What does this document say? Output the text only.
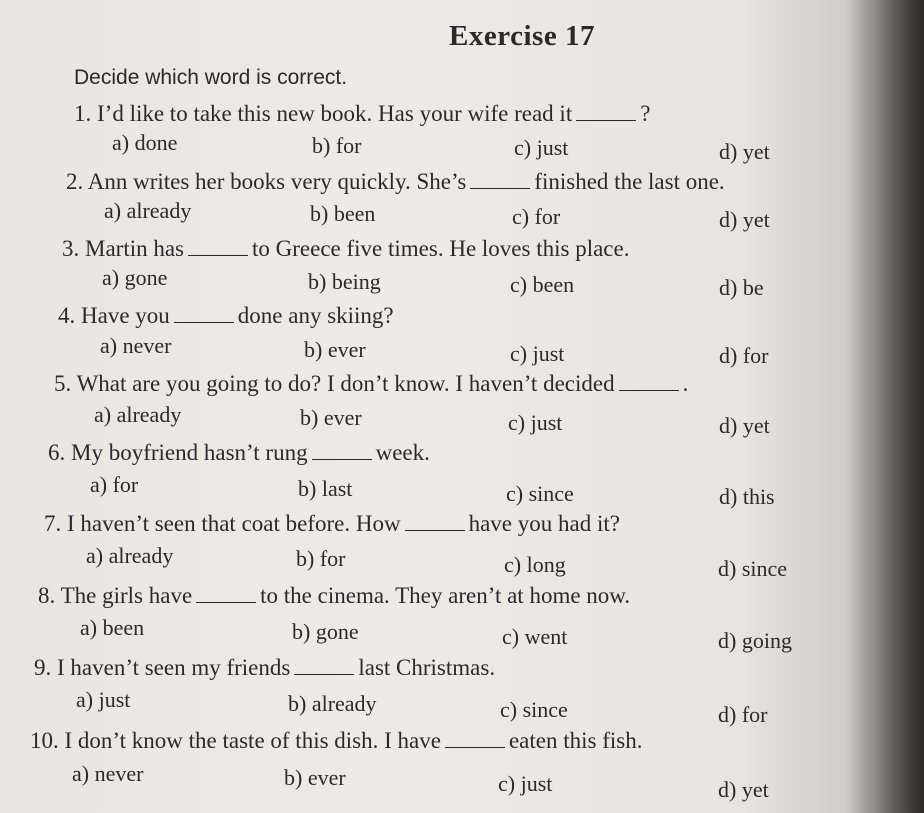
Exercise 17
Decide which word is correct.
1. I’d like to take this new book. Has your wife read it	?
a) done	b) for	c) just	d) yet
2. Ann writes her books very quickly. She’s	finished the last one.
a) already	b) been	c) for	d) yet
3. Martin has	to Greece five times. He loves this place.
a) gone	b) being	c) been	d) be
4. Have you	done any skiing?
a) never	b) ever	c) just	d) for
5. What are you going to do? I don’t know. I haven’t decided	.
a) already	b) ever	c) just	d) yet
6. My boyfriend hasn’t rung	week.
a) for	b) last	c) since	d) this
7. I haven’t seen that coat before. How	have you had it?
a) already	b) for	c) long	d) since
8. The girls have	to the cinema. They aren’t at home now.
a) been	b) gone	c) went	d) going
9. I haven’t seen my friends	last Christmas.
a) just	b) already	c) since	d) for
10. I don’t know the taste of this dish. I have	eaten this fish.
a) never	b) ever	c) just	d) yet
